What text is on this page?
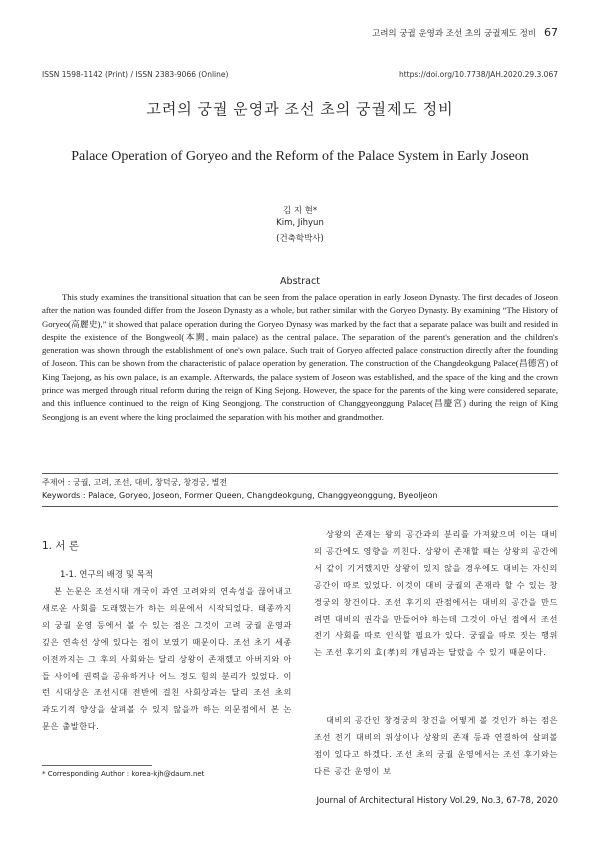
고려의 궁궐 운영과 조선 초의 궁궐제도 정비 67
ISSN 1598-1142 (Print) / ISSN 2383-9066 (Online)	https://doi.org/10.7738/JAH.2020.29.3.067
고려의 궁궐 운영과 조선 초의 궁궐제도 정비
Palace Operation of Goryeo and the Reform of the Palace System in Early Joseon
김 지 현*
Kim, Jihyun
(건축학박사)
Abstract

This study examines the transitional situation that can be seen from the palace operation in early Joseon Dynasty. The first decades of Joseon after the nation was founded differ from the Joseon Dynasty as a whole, but rather similar with the Goryeo Dynasty. By examining “The History of Goryeo(高麗史),” it showed that palace operation during the Goryeo Dynasy was marked by the fact that a separate palace was built and resided in despite the existence of the Bongweol(本闕, main palace) as the central palace. The separation of the parent's generation and the children's generation was shown through the establishment of one's own palace. Such trait of Goryeo affected palace construction directly after the founding of Joseon. This can be shown from the characteristic of palace operation by generation. The construction of the Changdeokgung Palace(昌德宮) of King Taejong, as his own palace, is an example. Afterwards, the palace system of Joseon was established, and the space of the king and the crown prince was merged through ritual reform during the reign of King Sejong. However, the space for the parents of the king were considered separate, and this influence continued to the reign of King Seongjong. The construction of Changgyeonggung Palace(昌慶宮) during the reign of King Seongjong is an event where the king proclaimed the separation with his mother and grandmother.

주제어 : 궁궐, 고려, 조선, 대비, 창덕궁, 창경궁, 별전
Keywords : Palace, Goryeo, Joseon, Former Queen, Changdeokgung, Changgyeonggung, Byeoljeon
1. 서 론
1-1. 연구의 배경 및 목적

본 논문은 조선시대 개국이 과연 고려와의 연속성을 끊어내고 새로운 사회를 도래했는가 하는 의문에서 시작되었다. 태종까지의 궁궐 운영 등에서 볼 수 있는 점은 그것이 고려 궁궐 운영과 깊은 연속선 상에 있다는 점이 보였기 때문이다. 조선 초기 세종 이전까지는 그 후의 사회와는 달리 상왕이 존재했고 아버지와 아들 사이에 권력을 공유하거나 어느 정도 힘의 분리가 있었다. 이런 시대상은 조선시대 전반에 걸친 사회상과는 달리 조선 초의 과도기적 양상을 살펴볼 수 있지 않을까 하는 의문점에서 본 논문은 출발한다.

상왕의 존재는 왕의 공간과의 분리를 가져왔으며 이는 대비의 공간에도 영향을 끼친다. 상왕이 존재할 때는 상왕의 공간에서 같이 기거했지만 상왕이 있지 않을 경우에도 대비는 자신의 공간이 따로 있었다. 이것이 대비 궁궐의 존재라 할 수 있는 창경궁의 창건이다. 조선 후기의 관점에서는 대비의 공간을 만드려면 대비의 권각을 만들어야 하는데 그것이 아닌 점에서 조선 전기 사회를 따로 인식할 필요가 있다. 궁궐을 따로 짓는 행위는 조선 후기의 효(孝)의 개념과는 달랐을 수 있기 때문이다.

대비의 공간인 창경궁의 창건을 어떻게 볼 것인가 하는 점은 조선 전기 대비의 위상이나 상왕의 존재 등과 연결하여 살펴볼 점이 있다고 하겠다. 조선 초의 궁궐 운영에서는 조선 후기와는 다른 공간 운영이 보

* Corresponding Author : korea-kjh@daum.net
Journal of Architectural History Vol.29, No.3, 67-78, 2020
